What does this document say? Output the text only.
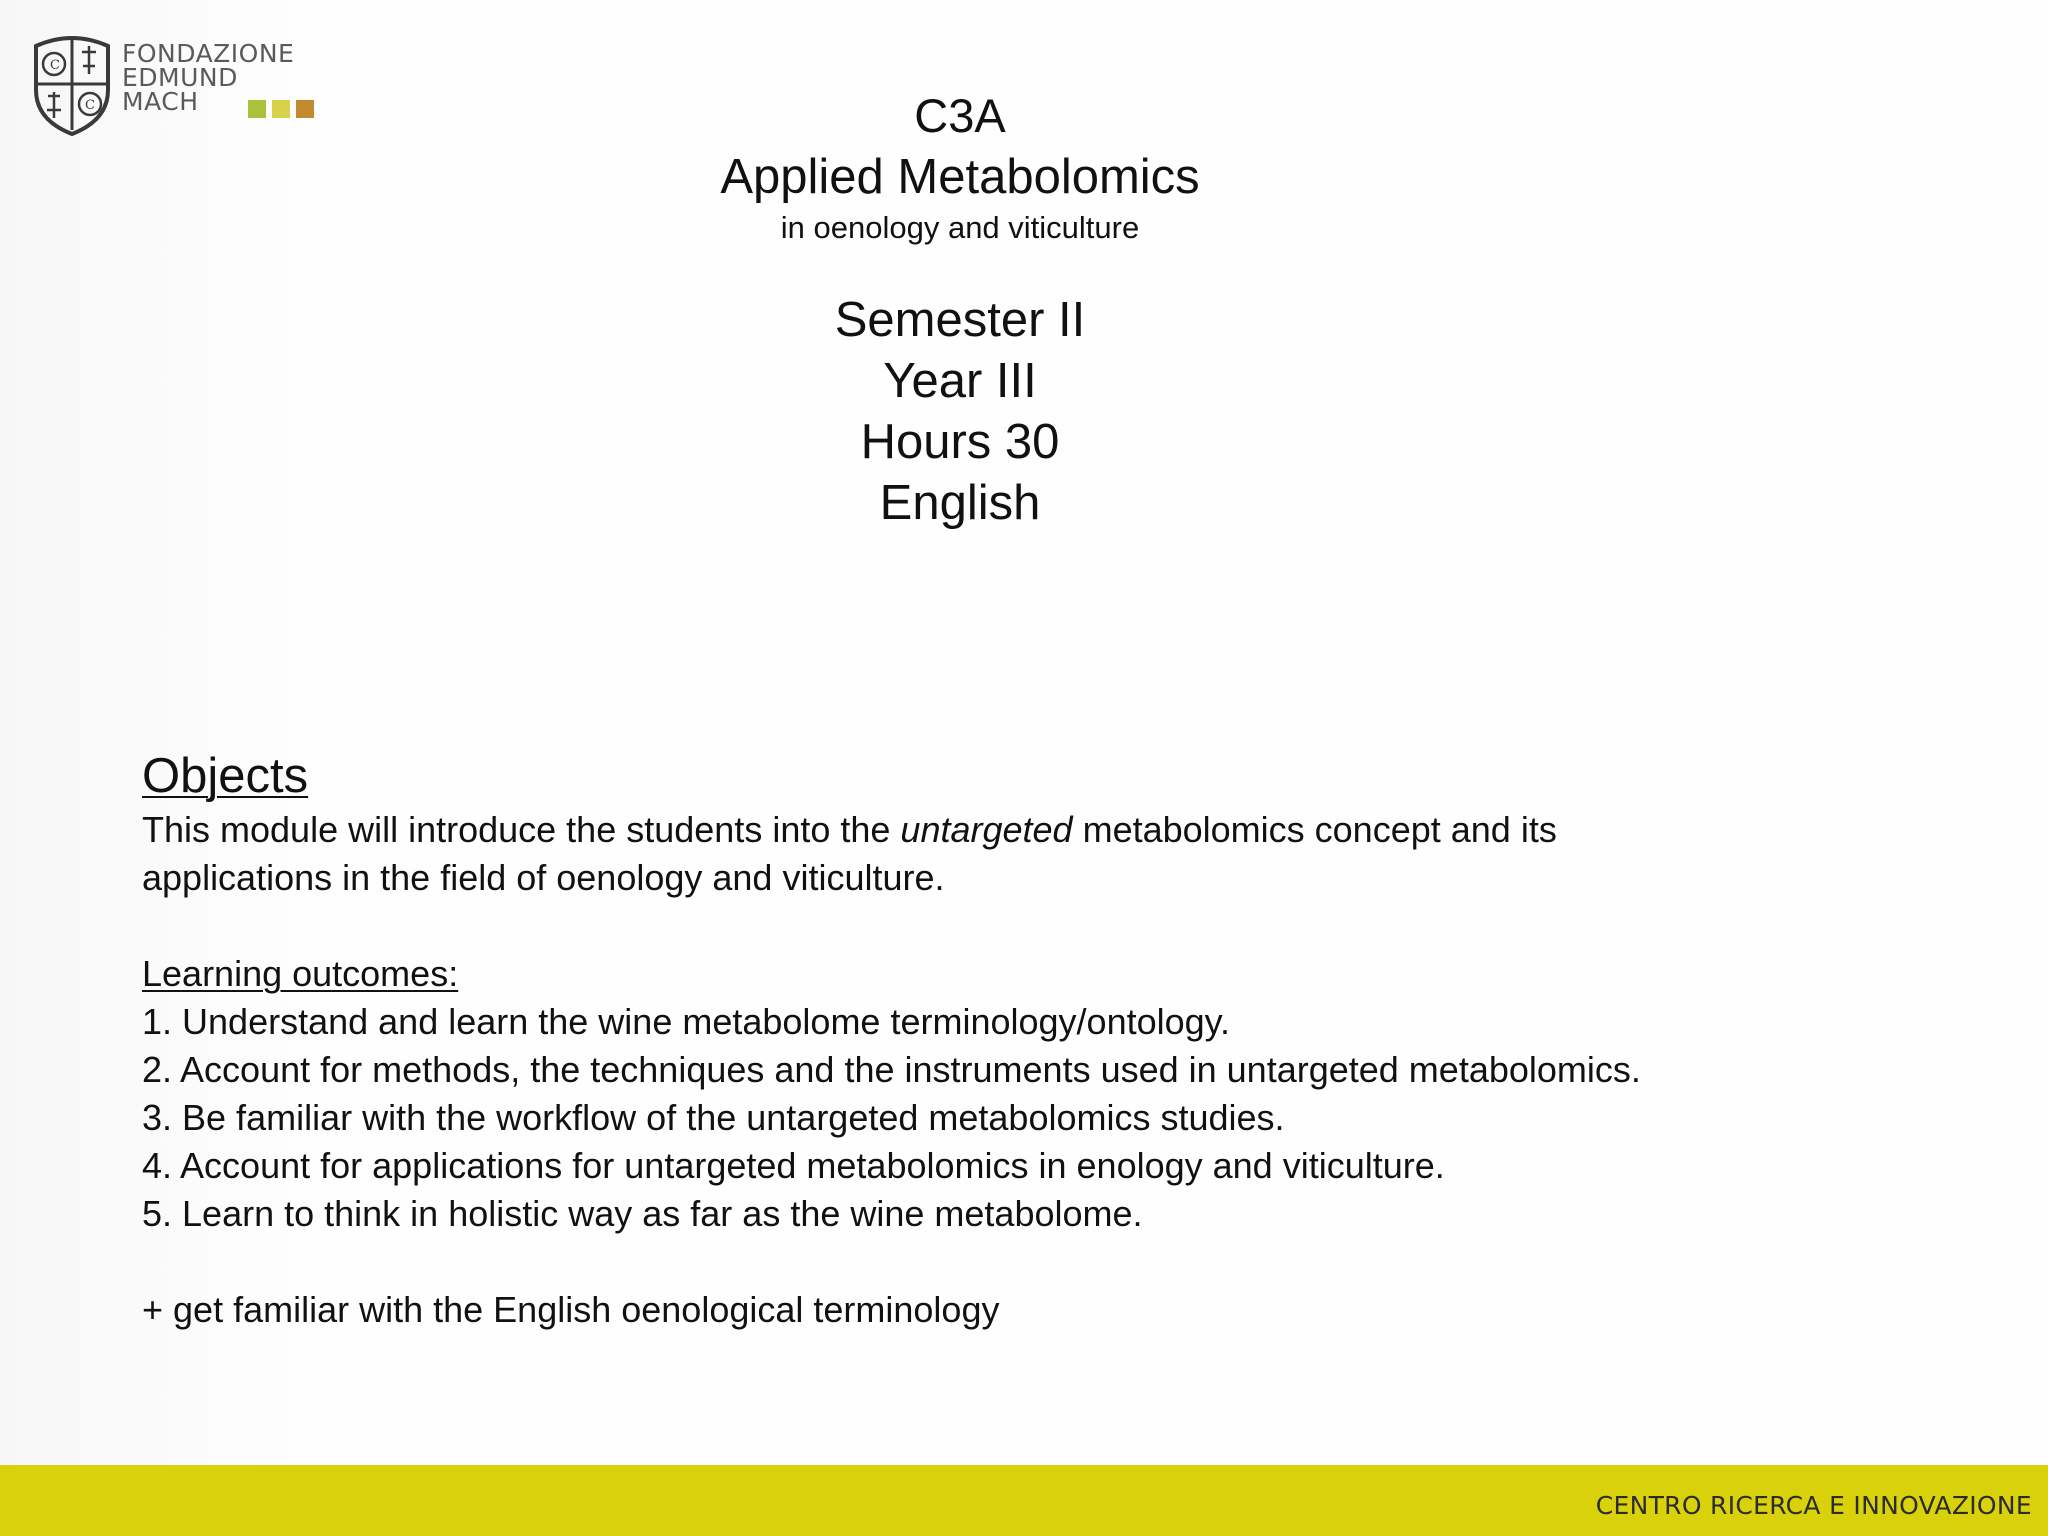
C
C
FONDAZIONE
EDMUND
MACH	C3A
Applied Metabolomics
in oenology and viticulture
Semester II
Year III
Hours 30
English
Objects
This module will introduce the students into the untargeted metabolomics concept and its
applications in the field of oenology and viticulture.
Learning outcomes:
1. Understand and learn the wine metabolome terminology/ontology.
2. Account for methods, the techniques and the instruments used in untargeted metabolomics.
3. Be familiar with the workflow of the untargeted metabolomics studies.
4. Account for applications for untargeted metabolomics in enology and viticulture.
5. Learn to think in holistic way as far as the wine metabolome.
+ get familiar with the English oenological terminology
CENTRO RICERCA E INNOVAZIONE
